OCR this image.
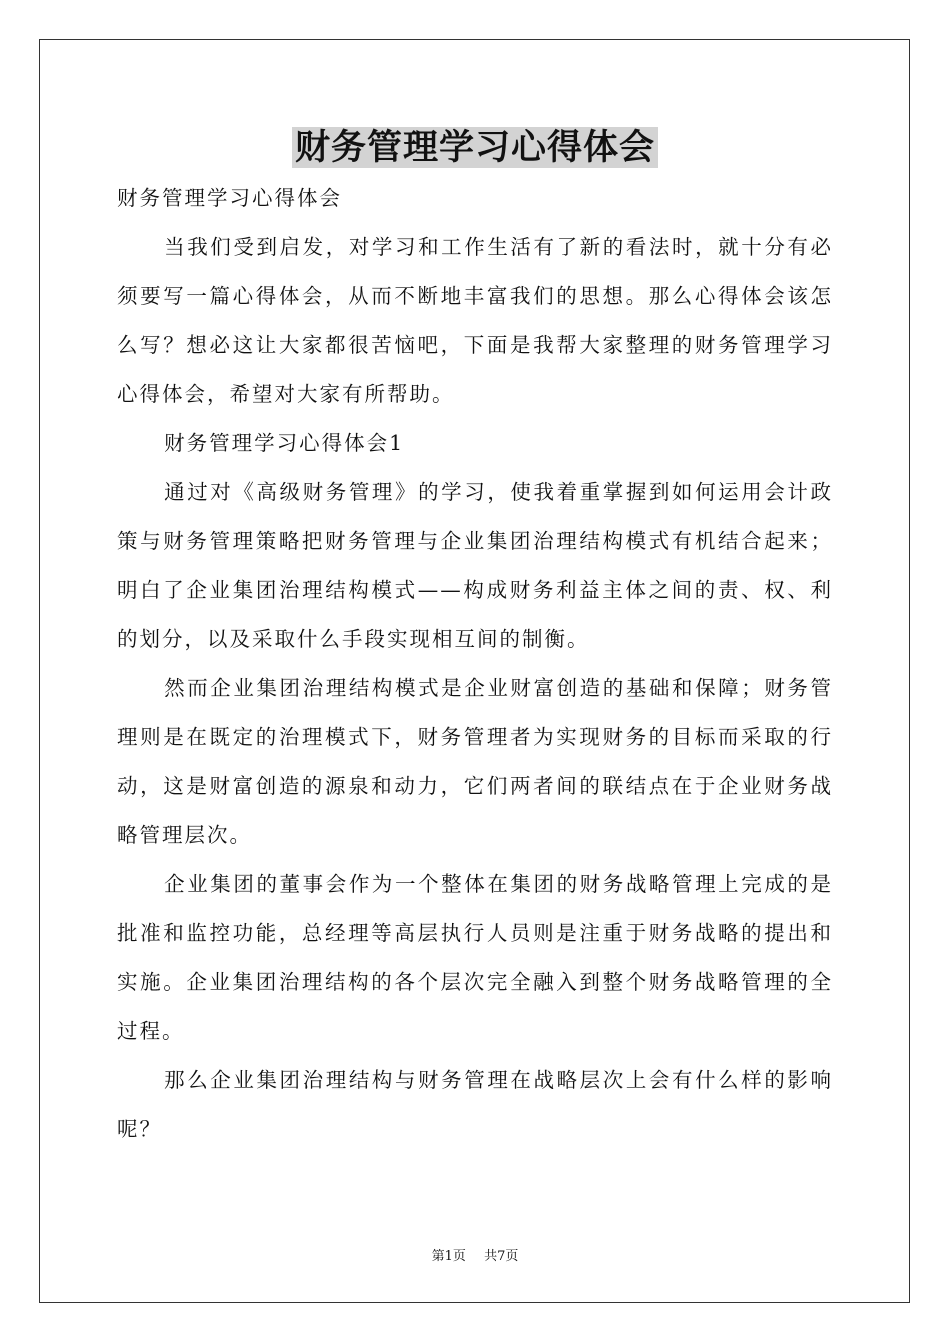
财务管理学习心得体会

财务管理学习心得体会

当我们受到启发，对学习和工作生活有了新的看法时，就十分有必须要写一篇心得体会，从而不断地丰富我们的思想。那么心得体会该怎么写？想必这让大家都很苦恼吧，下面是我帮大家整理的财务管理学习心得体会，希望对大家有所帮助。

财务管理学习心得体会1

通过对《高级财务管理》的学习，使我着重掌握到如何运用会计政策与财务管理策略把财务管理与企业集团治理结构模式有机结合起来；明白了企业集团治理结构模式——构成财务利益主体之间的责、权、利的划分，以及采取什么手段实现相互间的制衡。

然而企业集团治理结构模式是企业财富创造的基础和保障；财务管理则是在既定的治理模式下，财务管理者为实现财务的目标而采取的行动，这是财富创造的源泉和动力，它们两者间的联结点在于企业财务战略管理层次。

企业集团的董事会作为一个整体在集团的财务战略管理上完成的是批准和监控功能，总经理等高层执行人员则是注重于财务战略的提出和实施。企业集团治理结构的各个层次完全融入到整个财务战略管理的全过程。

那么企业集团治理结构与财务管理在战略层次上会有什么样的影响呢？

第1页 共7页
